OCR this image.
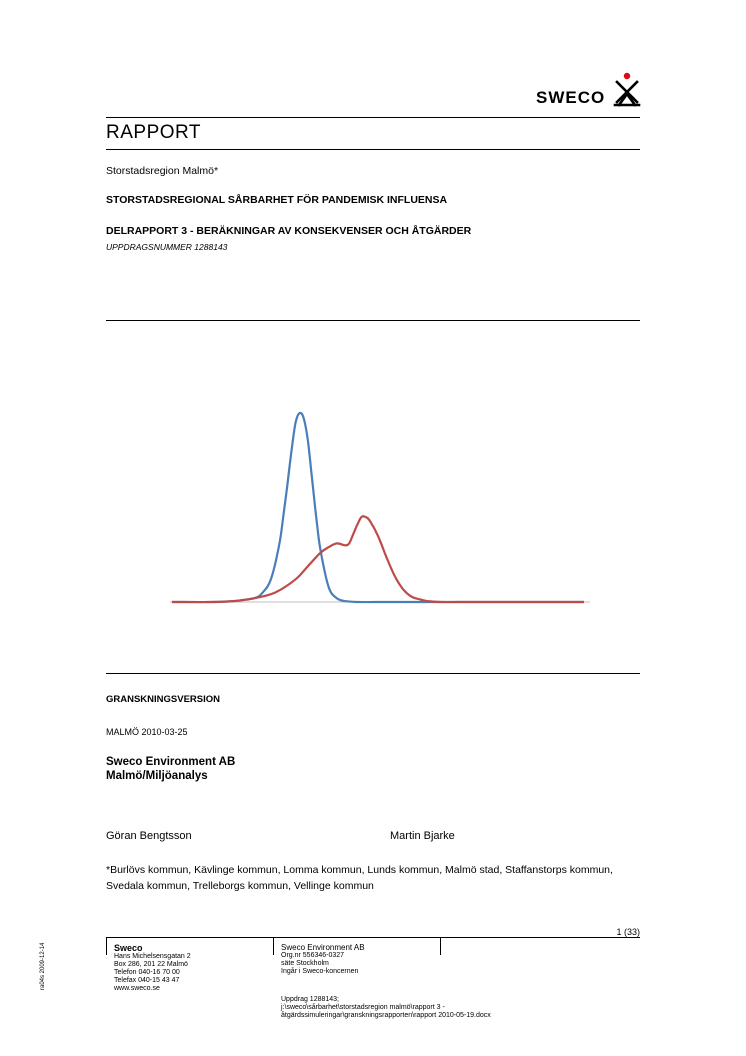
SWECO
RAPPORT
Storstadsregion Malmö*
STORSTADSREGIONAL SÅRBARHET FÖR PANDEMISK INFLUENSA
DELRAPPORT 3 - BERÄKNINGAR AV KONSEKVENSER OCH ÅTGÄRDER
UPPDRAGSNUMMER 1288143
GRANSKNINGSVERSION
MALMÖ 2010-03-25
Sweco Environment AB
Malmö/Miljöanalys
Göran Bengtsson	Martin Bjarke
*Burlövs kommun, Kävlinge kommun, Lomma kommun, Lunds kommun, Malmö stad, Staffanstorps kommun, Svedala kommun, Trelleborgs kommun, Vellinge kommun
1 (33)
ra04s 2009-12-14	Sweco
Hans Michelsensgatan 2
Box 286, 201 22 Malmö
Telefon 040-16 70 00
Telefax 040-15 43 47
www.sweco.se
Sweco Environment AB
Org.nr 556346-0327
säte Stockholm
Ingår i Sweco-koncernen
Uppdrag 1288143;
j:\sweco\sårbarhet\storstadsregion malmö\rapport 3 - åtgärdssimuleringar\granskningsrapporten\rapport 2010-05-19.docx
